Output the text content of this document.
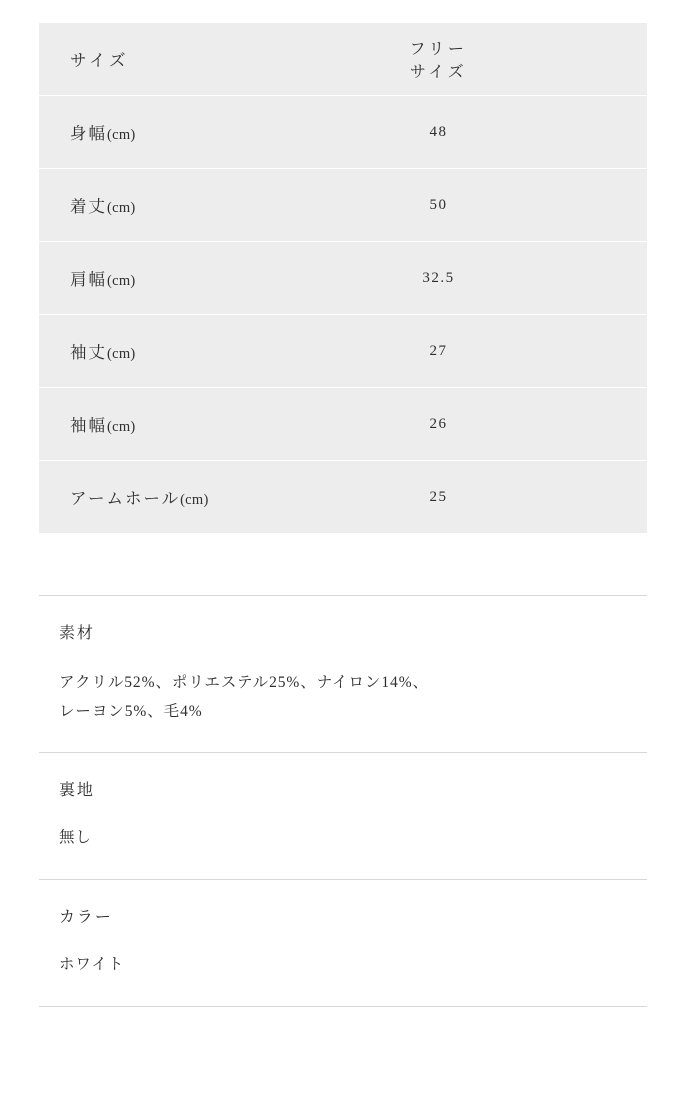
サイズ	フリーサイズ
身幅(cm)	48
着丈(cm)	50
肩幅(cm)	32.5
袖丈(cm)	27
袖幅(cm)	26
アームホール(cm)	25
素材
アクリル52%、ポリエステル25%、ナイロン14%、
レーヨン5%、毛4%
裏地
無し
カラー
ホワイト
